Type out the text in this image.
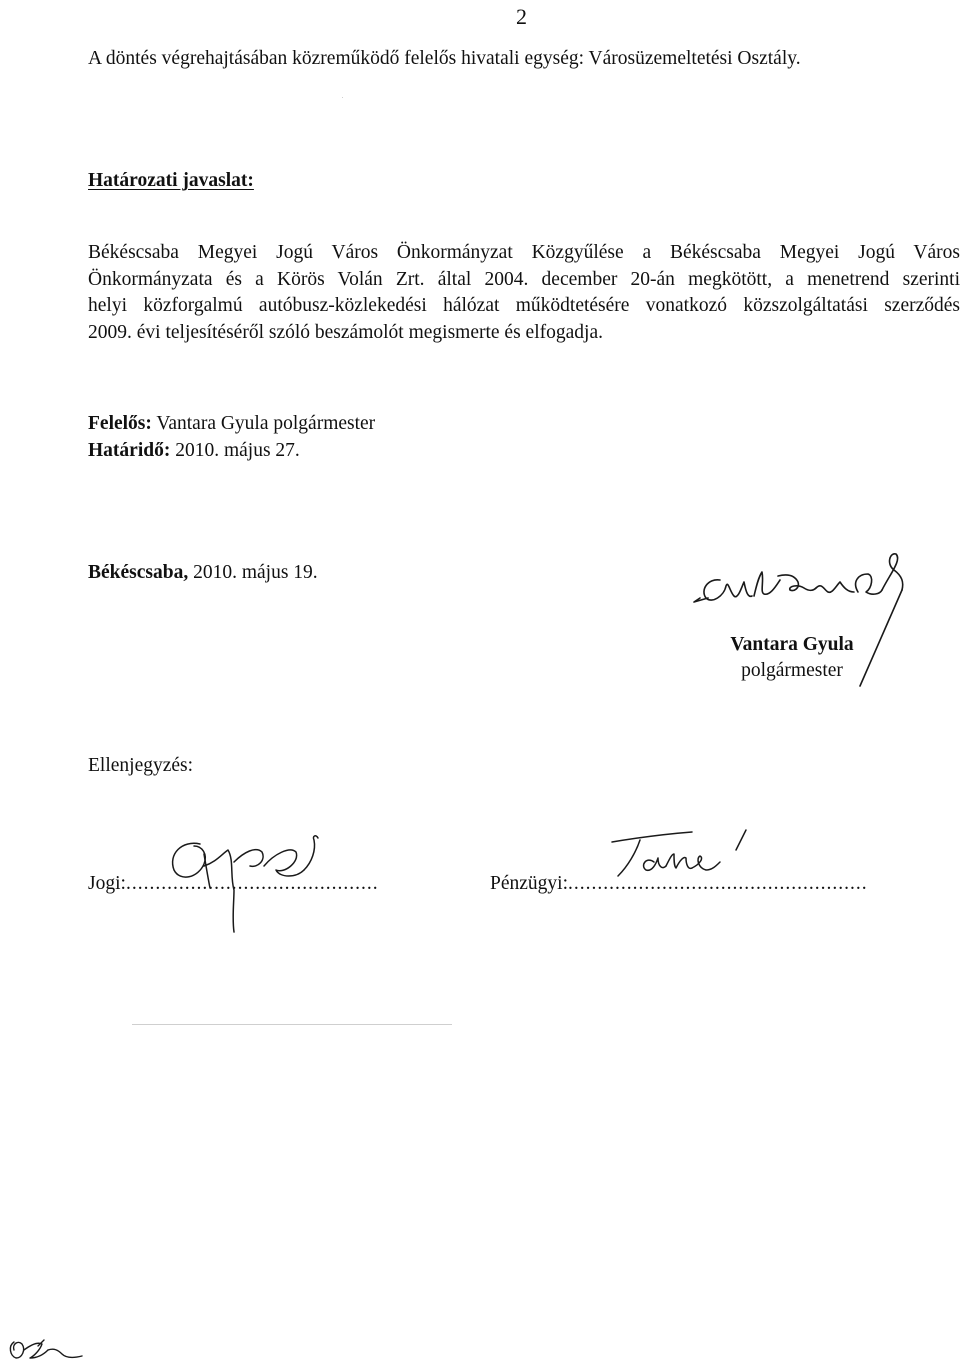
2
A döntés végrehajtásában közreműködő felelős hivatali egység: Városüzemeltetési Osztály.
Határozati javaslat:
Békéscsaba Megyei Jogú Város Önkormányzat Közgyűlése a Békéscsaba Megyei Jogú Város
Önkormányzata és a Körös Volán Zrt. által 2004. december 20-án megkötött, a menetrend szerinti
helyi közforgalmú autóbusz-közlekedési hálózat működtetésére vonatkozó közszolgáltatási szerződés
2009. évi teljesítéséről szóló beszámolót megismerte és elfogadja.
Felelős: Vantara Gyula polgármester
Határidő: 2010. május 27.
Békéscsaba, 2010. május 19.
Vantara Gyula
polgármester
Ellenjegyzés:
Jogi:...........................................	Pénzügyi:...................................................
